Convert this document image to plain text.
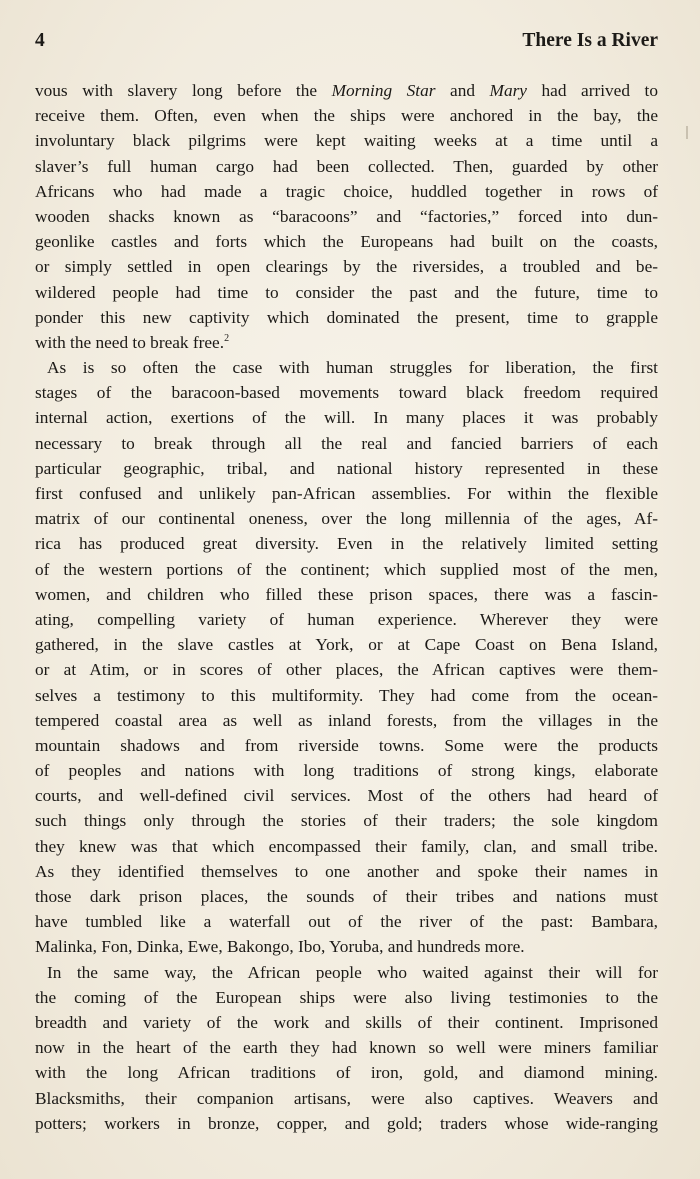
4	There Is a River
vous with slavery long before the Morning Star and Mary had arrived to
receive them. Often, even when the ships were anchored in the bay, the
involuntary black pilgrims were kept waiting weeks at a time until a
slaver’s full human cargo had been collected. Then, guarded by other
Africans who had made a tragic choice, huddled together in rows of
wooden shacks known as “baracoons” and “factories,” forced into dun-
geonlike castles and forts which the Europeans had built on the coasts,
or simply settled in open clearings by the riversides, a troubled and be-
wildered people had time to consider the past and the future, time to
ponder this new captivity which dominated the present, time to grapple
with the need to break free.$^2$
As is so often the case with human struggles for liberation, the first
stages of the baracoon-based movements toward black freedom required
internal action, exertions of the will. In many places it was probably
necessary to break through all the real and fancied barriers of each
particular geographic, tribal, and national history represented in these
first confused and unlikely pan-African assemblies. For within the flexible
matrix of our continental oneness, over the long millennia of the ages, Af-
rica has produced great diversity. Even in the relatively limited setting
of the western portions of the continent; which supplied most of the men,
women, and children who filled these prison spaces, there was a fascin-
ating, compelling variety of human experience. Wherever they were
gathered, in the slave castles at York, or at Cape Coast on Bena Island,
or at Atim, or in scores of other places, the African captives were them-
selves a testimony to this multiformity. They had come from the ocean-
tempered coastal area as well as inland forests, from the villages in the
mountain shadows and from riverside towns. Some were the products
of peoples and nations with long traditions of strong kings, elaborate
courts, and well-defined civil services. Most of the others had heard of
such things only through the stories of their traders; the sole kingdom
they knew was that which encompassed their family, clan, and small tribe.
As they identified themselves to one another and spoke their names in
those dark prison places, the sounds of their tribes and nations must
have tumbled like a waterfall out of the river of the past: Bambara,
Malinka, Fon, Dinka, Ewe, Bakongo, Ibo, Yoruba, and hundreds more.
In the same way, the African people who waited against their will for
the coming of the European ships were also living testimonies to the
breadth and variety of the work and skills of their continent. Imprisoned
now in the heart of the earth they had known so well were miners familiar
with the long African traditions of iron, gold, and diamond mining.
Blacksmiths, their companion artisans, were also captives. Weavers and
potters; workers in bronze, copper, and gold; traders whose wide-ranging
